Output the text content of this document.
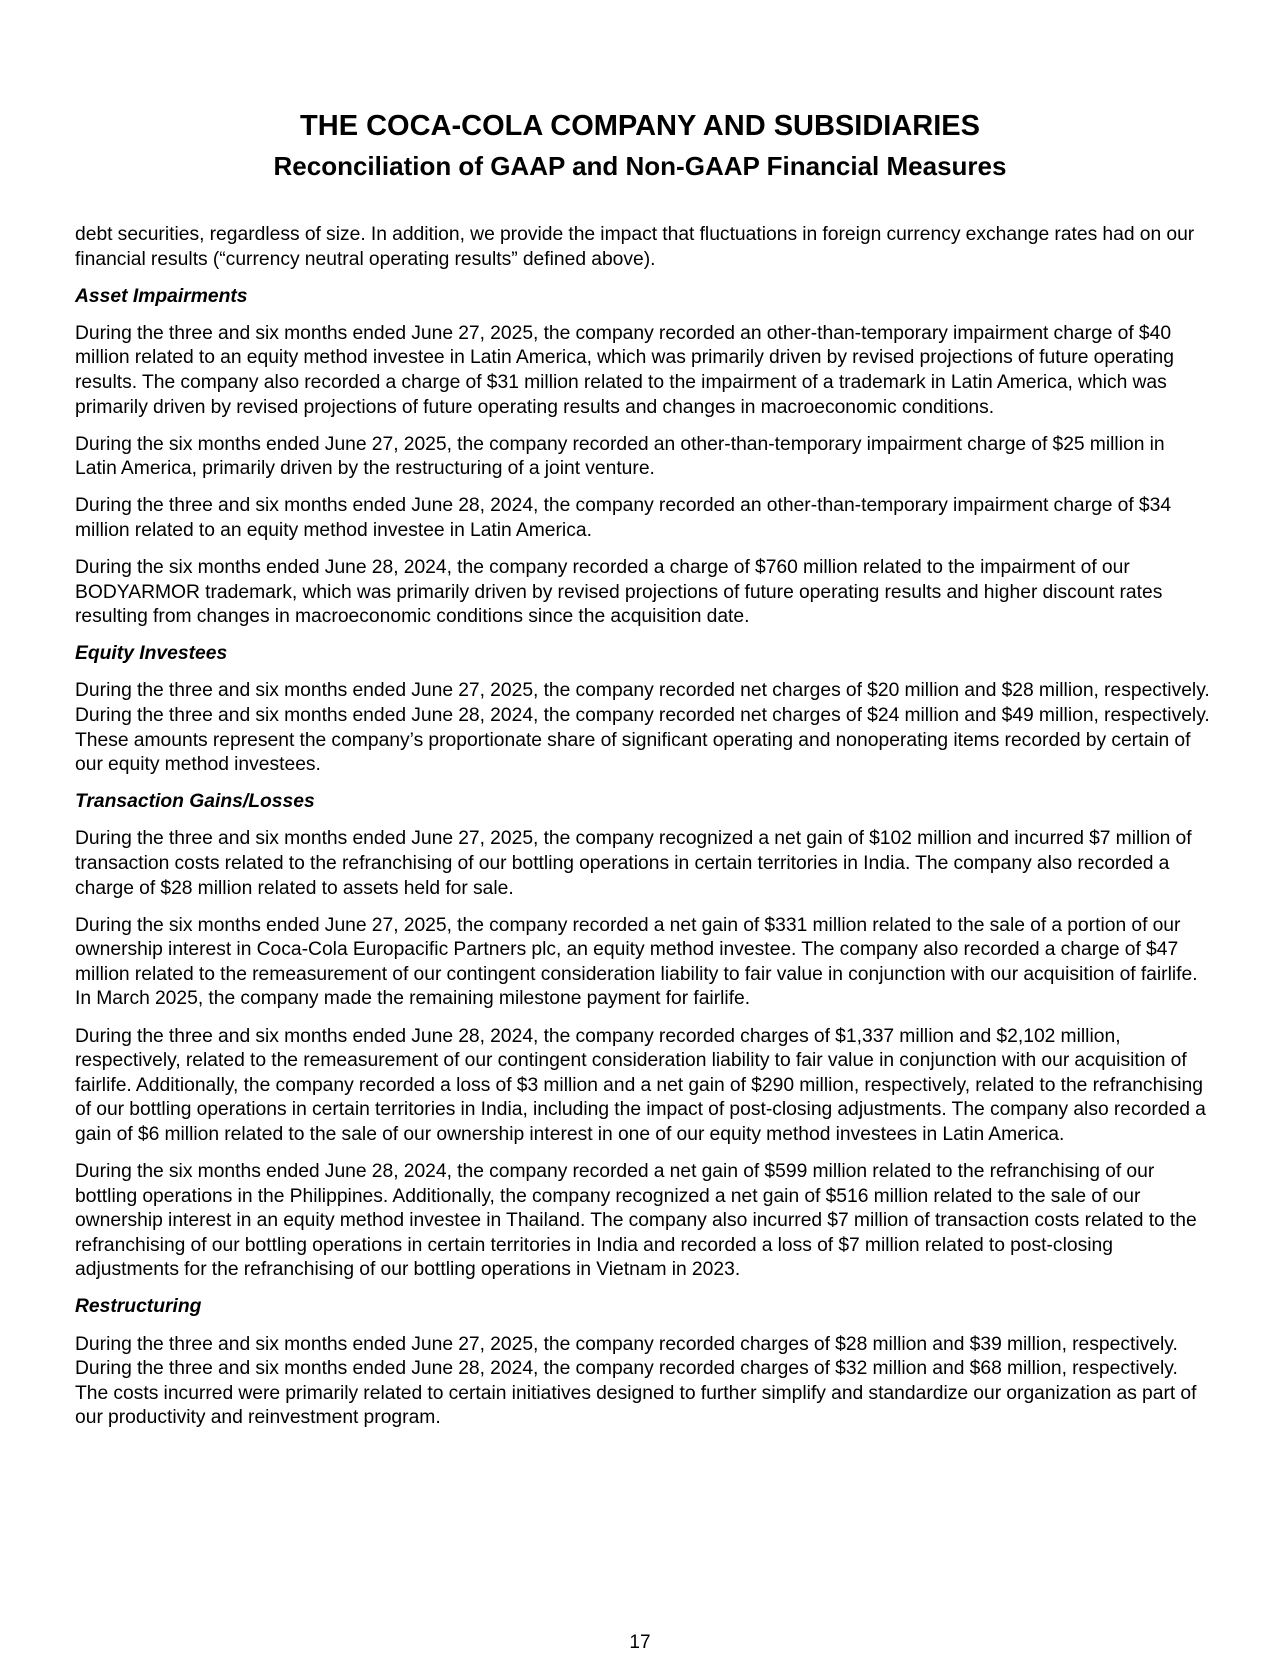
THE COCA-COLA COMPANY AND SUBSIDIARIES
Reconciliation of GAAP and Non-GAAP Financial Measures

debt securities, regardless of size. In addition, we provide the impact that fluctuations in foreign currency exchange rates had on our financial results (“currency neutral operating results” defined above).

Asset Impairments

During the three and six months ended June 27, 2025, the company recorded an other-than-temporary impairment charge of $40 million related to an equity method investee in Latin America, which was primarily driven by revised projections of future operating results. The company also recorded a charge of $31 million related to the impairment of a trademark in Latin America, which was primarily driven by revised projections of future operating results and changes in macroeconomic conditions.

During the six months ended June 27, 2025, the company recorded an other-than-temporary impairment charge of $25 million in Latin America, primarily driven by the restructuring of a joint venture.

During the three and six months ended June 28, 2024, the company recorded an other-than-temporary impairment charge of $34 million related to an equity method investee in Latin America.

During the six months ended June 28, 2024, the company recorded a charge of $760 million related to the impairment of our BODYARMOR trademark, which was primarily driven by revised projections of future operating results and higher discount rates resulting from changes in macroeconomic conditions since the acquisition date.

Equity Investees

During the three and six months ended June 27, 2025, the company recorded net charges of $20 million and $28 million, respectively. During the three and six months ended June 28, 2024, the company recorded net charges of $24 million and $49 million, respectively. These amounts represent the company’s proportionate share of significant operating and nonoperating items recorded by certain of our equity method investees.

Transaction Gains/Losses

During the three and six months ended June 27, 2025, the company recognized a net gain of $102 million and incurred $7 million of transaction costs related to the refranchising of our bottling operations in certain territories in India. The company also recorded a charge of $28 million related to assets held for sale.

During the six months ended June 27, 2025, the company recorded a net gain of $331 million related to the sale of a portion of our ownership interest in Coca-Cola Europacific Partners plc, an equity method investee. The company also recorded a charge of $47 million related to the remeasurement of our contingent consideration liability to fair value in conjunction with our acquisition of fairlife. In March 2025, the company made the remaining milestone payment for fairlife.

During the three and six months ended June 28, 2024, the company recorded charges of $1,337 million and $2,102 million, respectively, related to the remeasurement of our contingent consideration liability to fair value in conjunction with our acquisition of fairlife. Additionally, the company recorded a loss of $3 million and a net gain of $290 million, respectively, related to the refranchising of our bottling operations in certain territories in India, including the impact of post-closing adjustments. The company also recorded a gain of $6 million related to the sale of our ownership interest in one of our equity method investees in Latin America.

During the six months ended June 28, 2024, the company recorded a net gain of $599 million related to the refranchising of our bottling operations in the Philippines. Additionally, the company recognized a net gain of $516 million related to the sale of our ownership interest in an equity method investee in Thailand. The company also incurred $7 million of transaction costs related to the refranchising of our bottling operations in certain territories in India and recorded a loss of $7 million related to post-closing adjustments for the refranchising of our bottling operations in Vietnam in 2023.

Restructuring

During the three and six months ended June 27, 2025, the company recorded charges of $28 million and $39 million, respectively. During the three and six months ended June 28, 2024, the company recorded charges of $32 million and $68 million, respectively. The costs incurred were primarily related to certain initiatives designed to further simplify and standardize our organization as part of our productivity and reinvestment program.

17
